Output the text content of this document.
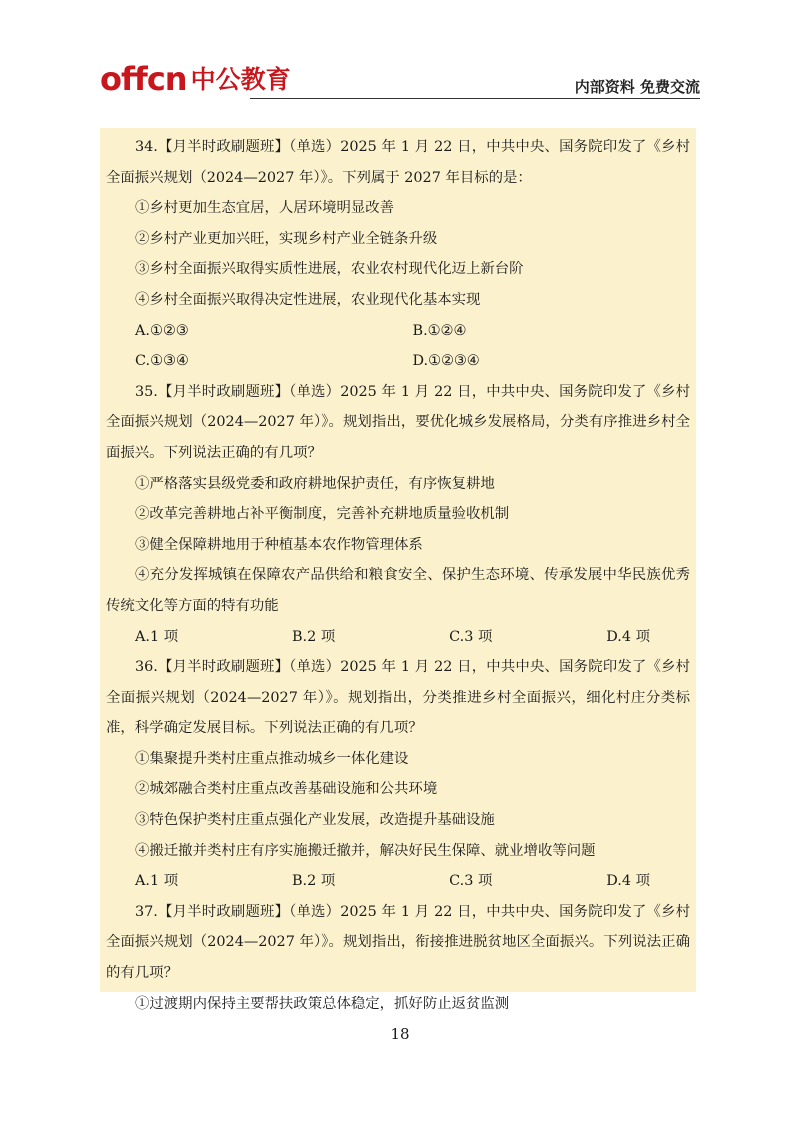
offcn 中公教育	内部资料 免费交流

34.【月半时政刷题班】（单选）2025 年 1 月 22 日，中共中央、国务院印发了《乡村全面振兴规划（2024—2027 年）》。下列属于 2027 年目标的是：

①乡村更加生态宜居，人居环境明显改善

②乡村产业更加兴旺，实现乡村产业全链条升级

③乡村全面振兴取得实质性进展，农业农村现代化迈上新台阶

④乡村全面振兴取得决定性进展，农业现代化基本实现

A.①②③	B.①②④
C.①③④	D.①②③④

35.【月半时政刷题班】（单选）2025 年 1 月 22 日，中共中央、国务院印发了《乡村全面振兴规划（2024—2027 年）》。规划指出，要优化城乡发展格局，分类有序推进乡村全面振兴。下列说法正确的有几项？

①严格落实县级党委和政府耕地保护责任，有序恢复耕地

②改革完善耕地占补平衡制度，完善补充耕地质量验收机制

③健全保障耕地用于种植基本农作物管理体系

④充分发挥城镇在保障农产品供给和粮食安全、保护生态环境、传承发展中华民族优秀传统文化等方面的特有功能

A.1 项	B.2 项	C.3 项	D.4 项

36.【月半时政刷题班】（单选）2025 年 1 月 22 日，中共中央、国务院印发了《乡村全面振兴规划（2024—2027 年）》。规划指出，分类推进乡村全面振兴，细化村庄分类标准，科学确定发展目标。下列说法正确的有几项？

①集聚提升类村庄重点推动城乡一体化建设

②城郊融合类村庄重点改善基础设施和公共环境

③特色保护类村庄重点强化产业发展，改造提升基础设施

④搬迁撤并类村庄有序实施搬迁撤并，解决好民生保障、就业增收等问题

A.1 项	B.2 项	C.3 项	D.4 项

37.【月半时政刷题班】（单选）2025 年 1 月 22 日，中共中央、国务院印发了《乡村全面振兴规划（2024—2027 年）》。规划指出，衔接推进脱贫地区全面振兴。下列说法正确的有几项？

①过渡期内保持主要帮扶政策总体稳定，抓好防止返贫监测

18
